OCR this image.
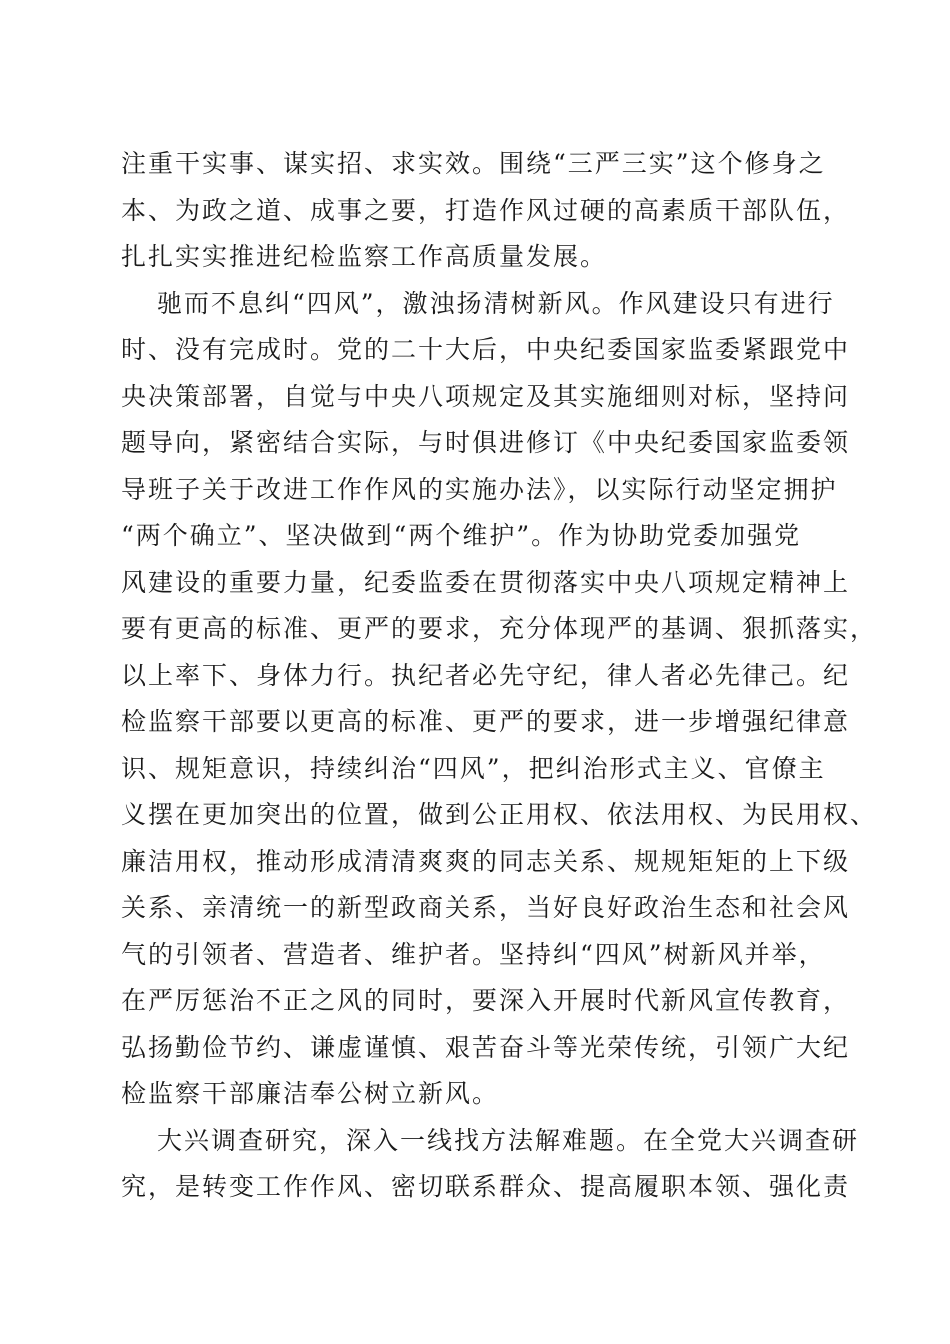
注重干实事、谋实招、求实效。围绕“三严三实”这个修身之
本、为政之道、成事之要，打造作风过硬的高素质干部队伍，
扎扎实实推进纪检监察工作高质量发展。
驰而不息纠“四风”，激浊扬清树新风。作风建设只有进行
时、没有完成时。党的二十大后，中央纪委国家监委紧跟党中
央决策部署，自觉与中央八项规定及其实施细则对标，坚持问
题导向，紧密结合实际，与时俱进修订《中央纪委国家监委领
导班子关于改进工作作风的实施办法》，以实际行动坚定拥护
“两个确立”、坚决做到“两个维护”。作为协助党委加强党
风建设的重要力量，纪委监委在贯彻落实中央八项规定精神上
要有更高的标准、更严的要求，充分体现严的基调、狠抓落实，
以上率下、身体力行。执纪者必先守纪，律人者必先律己。纪
检监察干部要以更高的标准、更严的要求，进一步增强纪律意
识、规矩意识，持续纠治“四风”，把纠治形式主义、官僚主
义摆在更加突出的位置，做到公正用权、依法用权、为民用权、
廉洁用权，推动形成清清爽爽的同志关系、规规矩矩的上下级
关系、亲清统一的新型政商关系，当好良好政治生态和社会风
气的引领者、营造者、维护者。坚持纠“四风”树新风并举，
在严厉惩治不正之风的同时，要深入开展时代新风宣传教育，
弘扬勤俭节约、谦虚谨慎、艰苦奋斗等光荣传统，引领广大纪
检监察干部廉洁奉公树立新风。
大兴调查研究，深入一线找方法解难题。在全党大兴调查研
究，是转变工作作风、密切联系群众、提高履职本领、强化责
